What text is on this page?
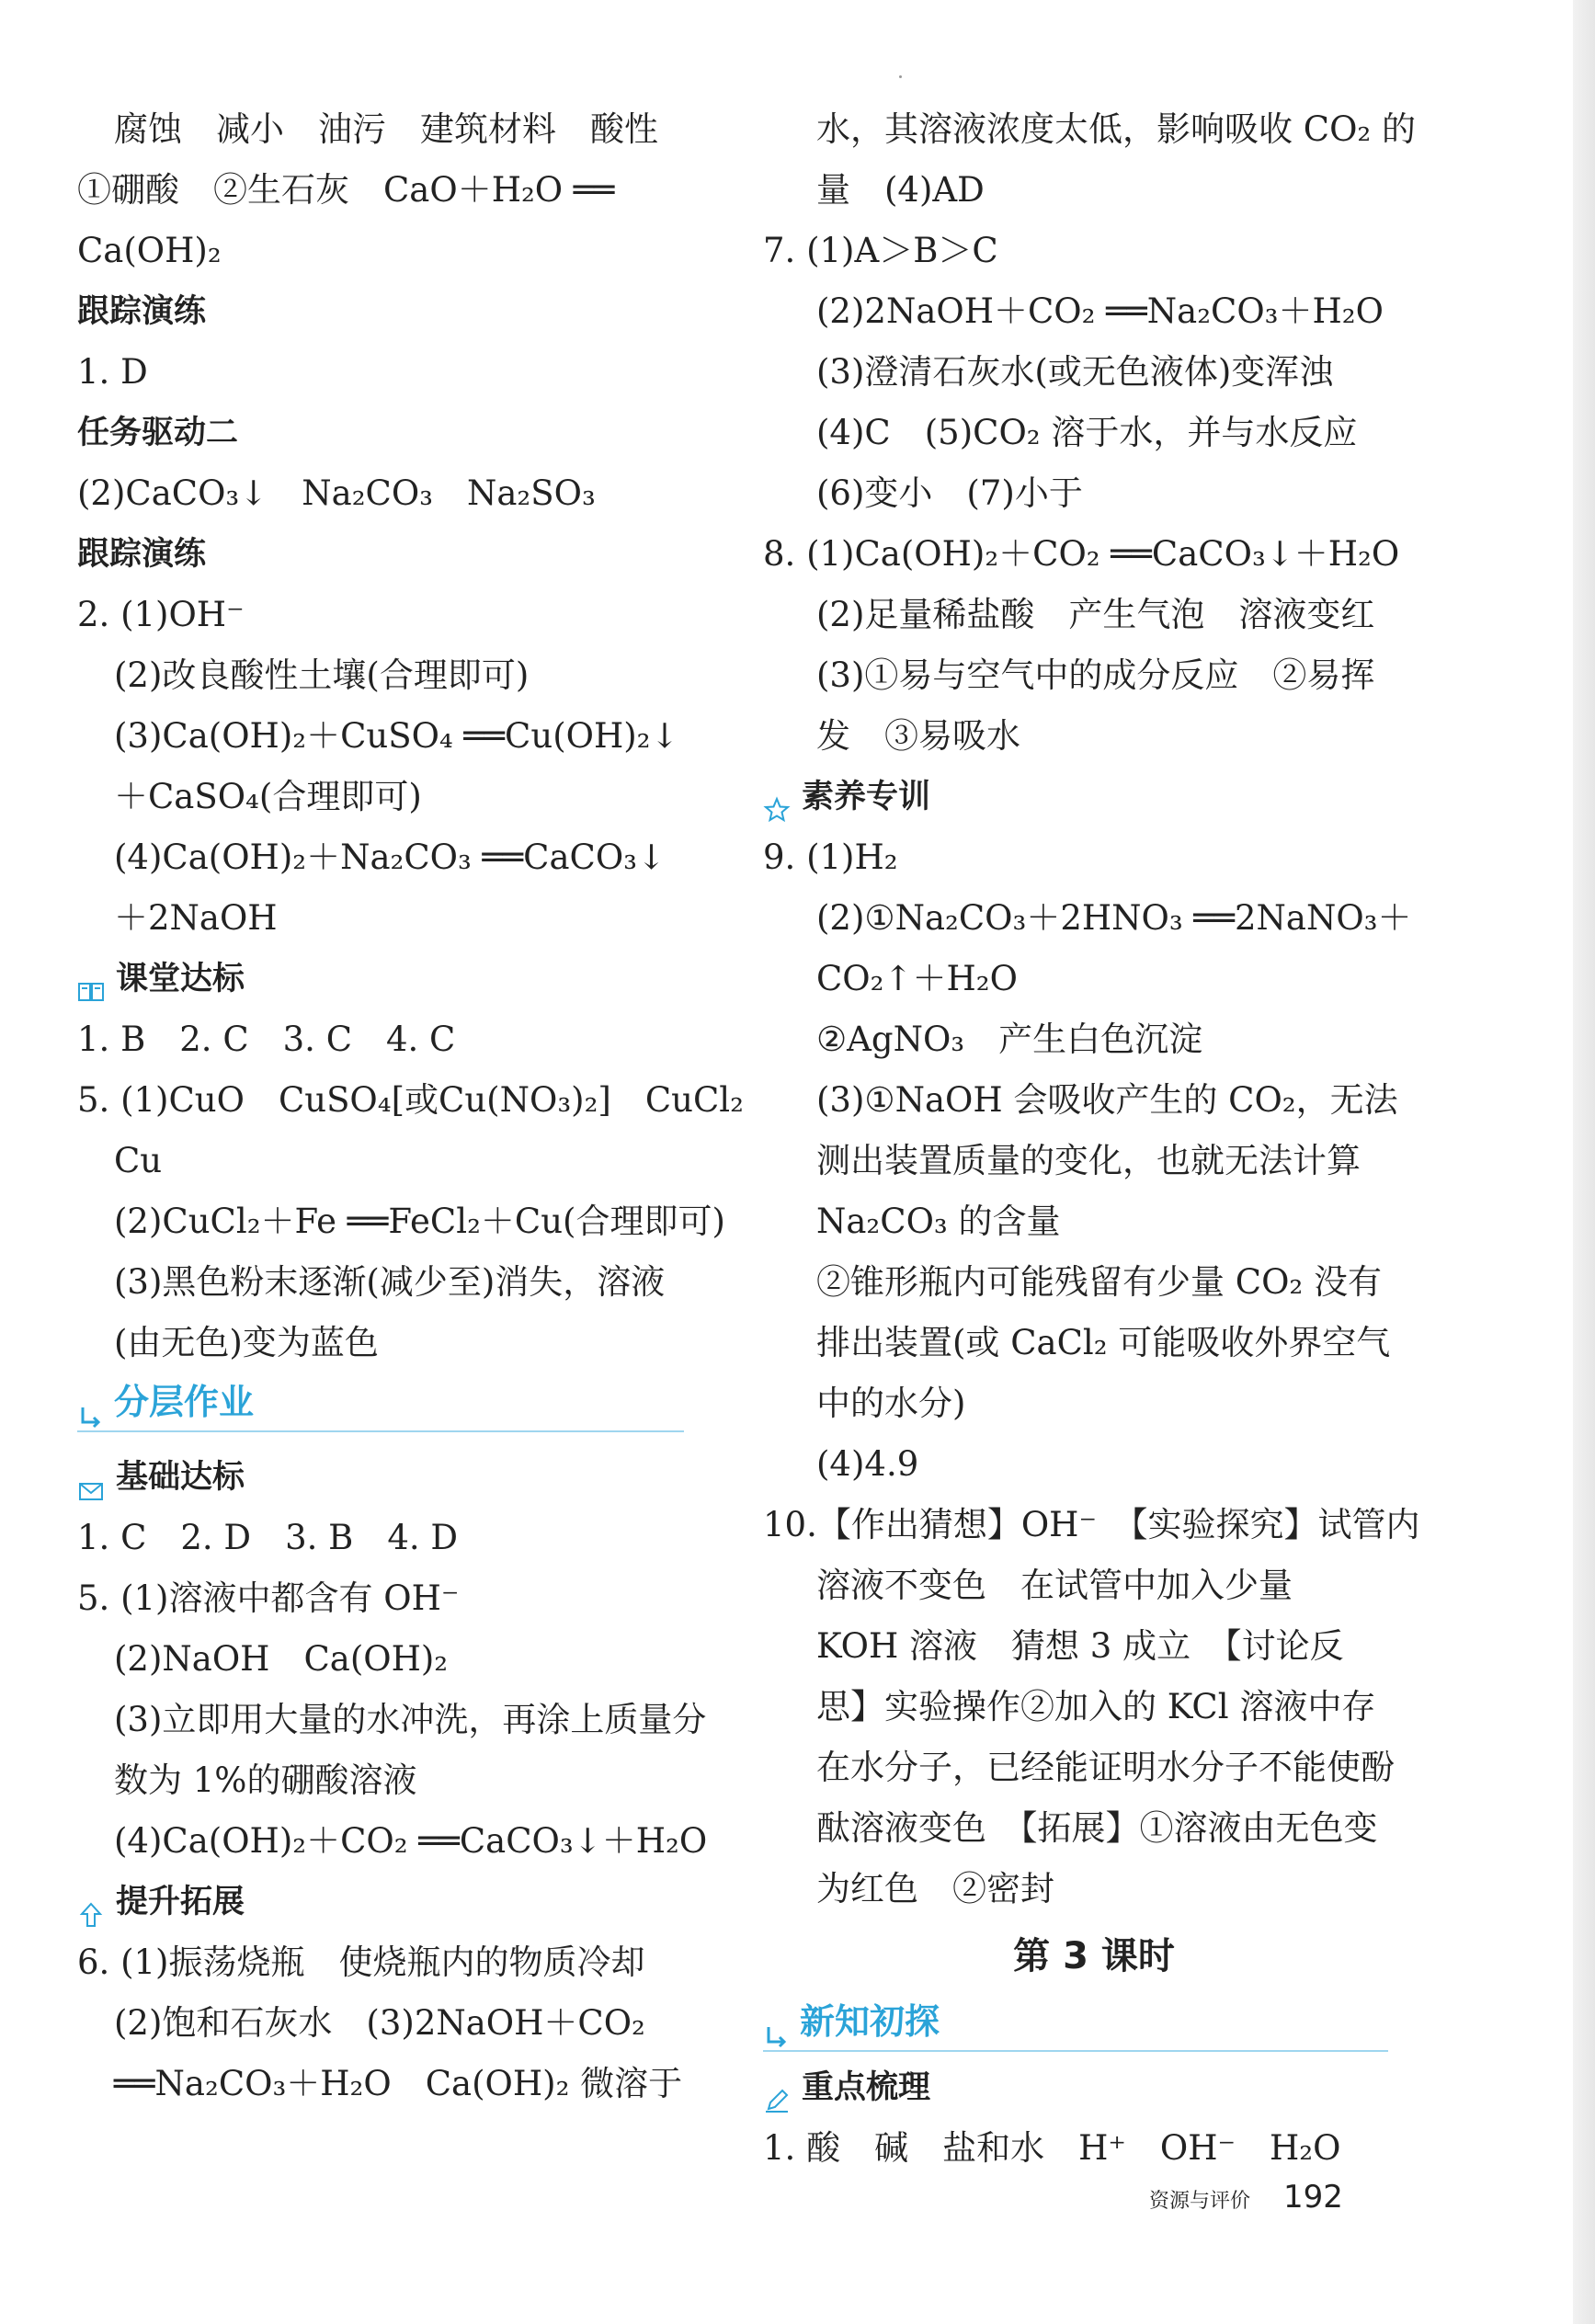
腐蚀　减小　油污　建筑材料　酸性
①硼酸　②生石灰　CaO＋H₂O ══
Ca(OH)₂
跟踪演练
1. D
任务驱动二
(2)CaCO₃↓　Na₂CO₃　Na₂SO₃
跟踪演练
2. (1)OH⁻
(2)改良酸性土壤(合理即可)
(3)Ca(OH)₂＋CuSO₄ ══Cu(OH)₂↓
＋CaSO₄(合理即可)
(4)Ca(OH)₂＋Na₂CO₃ ══CaCO₃↓
＋2NaOH
课堂达标
1. B　2. C　3. C　4. C
5. (1)CuO　CuSO₄[或Cu(NO₃)₂]　CuCl₂
Cu
(2)CuCl₂＋Fe ══FeCl₂＋Cu(合理即可)
(3)黑色粉末逐渐(减少至)消失，溶液
(由无色)变为蓝色
分层作业
基础达标
1. C　2. D　3. B　4. D
5. (1)溶液中都含有 OH⁻
(2)NaOH　Ca(OH)₂
(3)立即用大量的水冲洗，再涂上质量分
数为 1%的硼酸溶液
(4)Ca(OH)₂＋CO₂ ══CaCO₃↓＋H₂O
提升拓展
6. (1)振荡烧瓶　使烧瓶内的物质冷却
(2)饱和石灰水　(3)2NaOH＋CO₂
══Na₂CO₃＋H₂O　Ca(OH)₂ 微溶于
水，其溶液浓度太低，影响吸收 CO₂ 的
量　(4)AD
7. (1)A＞B＞C
(2)2NaOH＋CO₂ ══Na₂CO₃＋H₂O
(3)澄清石灰水(或无色液体)变浑浊
(4)C　(5)CO₂ 溶于水，并与水反应
(6)变小　(7)小于
8. (1)Ca(OH)₂＋CO₂ ══CaCO₃↓＋H₂O
(2)足量稀盐酸　产生气泡　溶液变红
(3)①易与空气中的成分反应　②易挥
发　③易吸水
素养专训
9. (1)H₂
(2)①Na₂CO₃＋2HNO₃ ══2NaNO₃＋
CO₂↑＋H₂O
②AgNO₃　产生白色沉淀
(3)①NaOH 会吸收产生的 CO₂，无法
测出装置质量的变化，也就无法计算
Na₂CO₃ 的含量
②锥形瓶内可能残留有少量 CO₂ 没有
排出装置(或 CaCl₂ 可能吸收外界空气
中的水分)
(4)4.9
10.【作出猜想】OH⁻　【实验探究】试管内
溶液不变色　在试管中加入少量
KOH 溶液　猜想 3 成立　【讨论反
思】实验操作②加入的 KCl 溶液中存
在水分子，已经能证明水分子不能使酚
酞溶液变色　【拓展】①溶液由无色变
为红色　②密封
第 3 课时
新知初探
重点梳理
1. 酸　碱　盐和水　H⁺　OH⁻　H₂O
资源与评价 192
